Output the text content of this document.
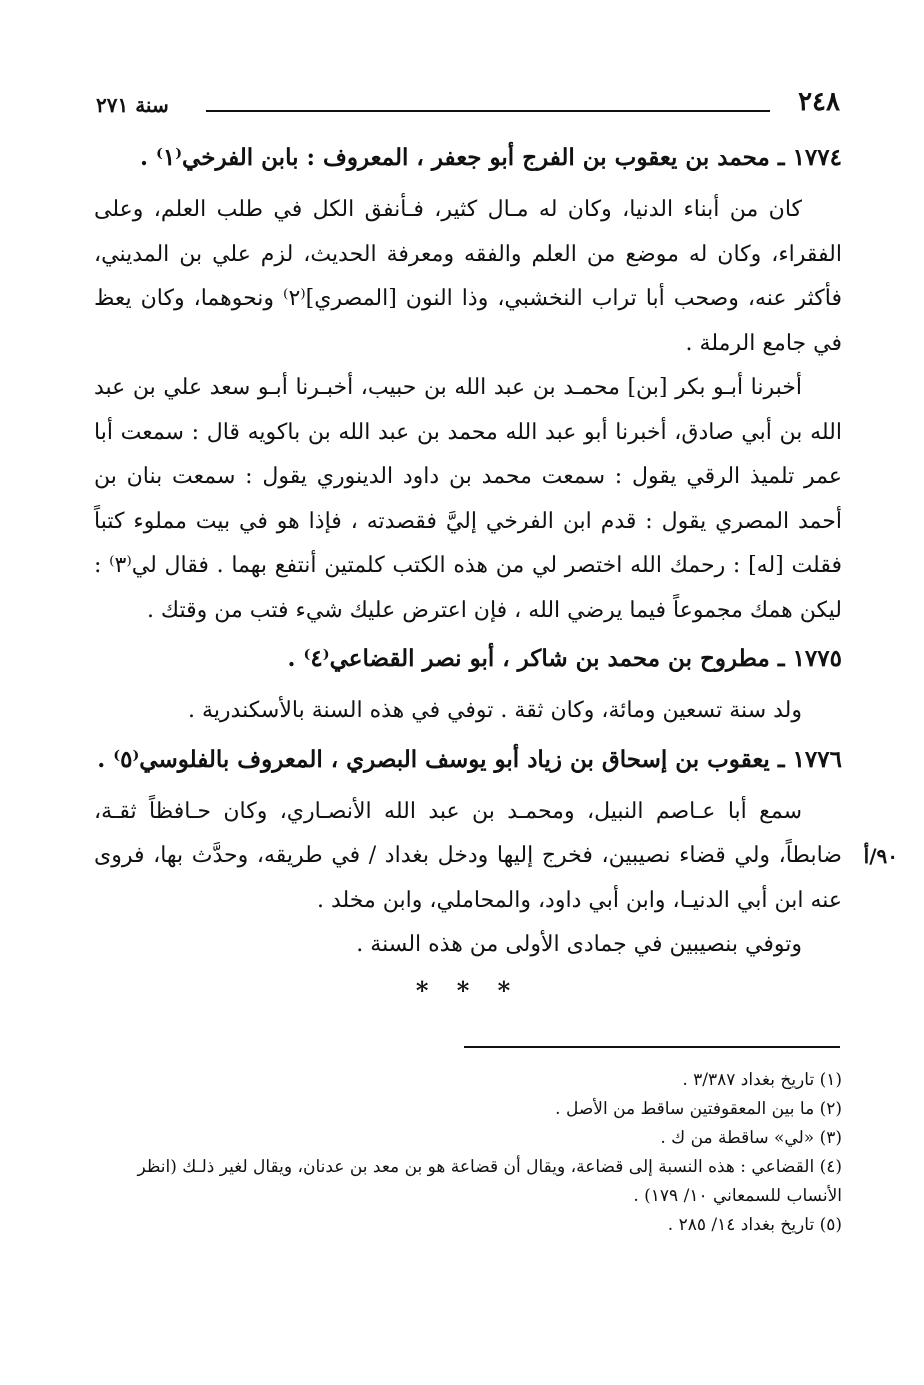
٢٤٨
سنة ٢٧١
١٧٧٤ ـ محمد بن يعقوب بن الفرج أبو جعفر ، المعروف : بابن الفرخي⁽١⁾ .

كان من أبناء الدنيا، وكان له مـال كثير، فـأنفق الكل في طلب العلم، وعلى الفقراء، وكان له موضع من العلم والفقه ومعرفة الحديث، لزم علي بن المديني، فأكثر عنه، وصحب أبا تراب النخشبي، وذا النون [المصري]⁽٢⁾ ونحوهما، وكان يعظ في جامع الرملة .

أخبرنا أبـو بكر [بن] محمـد بن عبد الله بن حبيب، أخبـرنا أبـو سعد علي بن عبد الله بن أبي صادق، أخبرنا أبو عبد الله محمد بن عبد الله بن باكويه قال : سمعت أبا عمر تلميذ الرقي يقول : سمعت محمد بن داود الدينوري يقول : سمعت بنان بن أحمد المصري يقول : قدم ابن الفرخي إليَّ فقصدته ، فإذا هو في بيت مملوء كتباً فقلت [له] : رحمك الله اختصر لي من هذه الكتب كلمتين أنتفع بهما . فقال لي⁽٣⁾ : ليكن همك مجموعاً فيما يرضي الله ، فإن اعترض عليك شيء فتب من وقتك .

١٧٧٥ ـ مطروح بن محمد بن شاكر ، أبو نصر القضاعي⁽٤⁾ .

ولد سنة تسعين ومائة، وكان ثقة . توفي في هذه السنة بالأسكندرية .

١٧٧٦ ـ يعقوب بن إسحاق بن زياد أبو يوسف البصري ، المعروف بالفلوسي⁽٥⁾ .
٩٠/أ

سمع أبا عـاصم النبيل، ومحمـد بن عبد الله الأنصـاري، وكان حـافظاً ثقـة، ضابطاً، ولي قضاء نصيبين، فخرج إليها ودخل بغداد / في طريقه، وحدَّث بها، فروى عنه ابن أبي الدنيـا، وابن أبي داود، والمحاملي، وابن مخلد .

وتوفي بنصيبين في جمادى الأولى من هذه السنة .

* * *

(١) تاريخ بغداد ٣/٣٨٧ .

(٢) ما بين المعقوفتين ساقط من الأصل .

(٣) «لي» ساقطة من ك .

(٤) القضاعي : هذه النسبة إلى قضاعة، ويقال أن قضاعة هو بن معد بن عدنان، ويقال لغير ذلـك (انظر الأنساب للسمعاني ١٠/ ١٧٩) .

(٥) تاريخ بغداد ١٤/ ٢٨٥ .
